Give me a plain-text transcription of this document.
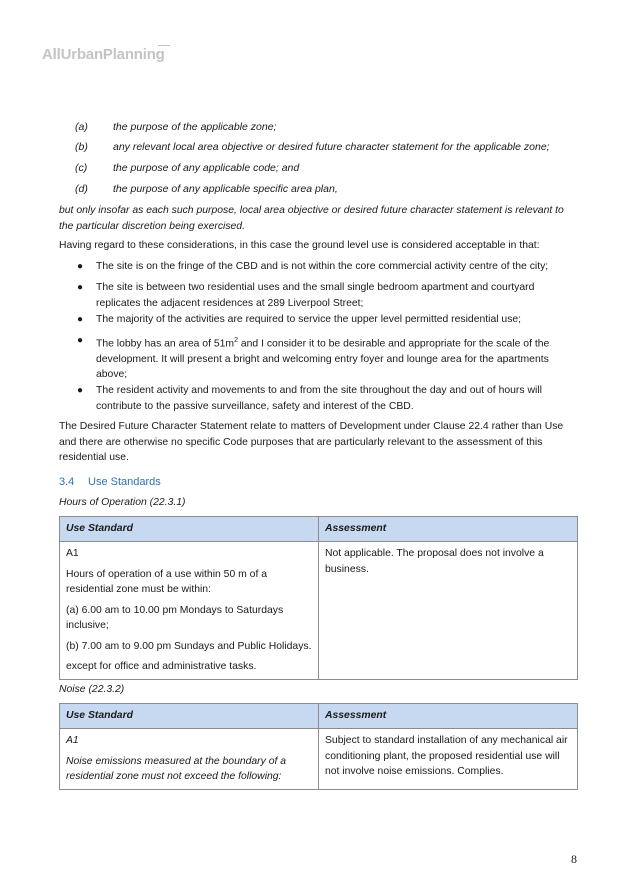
AllUrbanPlanning
(a) the purpose of the applicable zone;
(b) any relevant local area objective or desired future character statement for the applicable zone;
(c) the purpose of any applicable code; and
(d) the purpose of any applicable specific area plan,
but only insofar as each such purpose, local area objective or desired future character statement is relevant to the particular discretion being exercised.
Having regard to these considerations, in this case the ground level use is considered acceptable in that:
● The site is on the fringe of the CBD and is not within the core commercial activity centre of the city;
● The site is between two residential uses and the small single bedroom apartment and courtyard replicates the adjacent residences at 289 Liverpool Street;
● The majority of the activities are required to service the upper level permitted residential use;
● The lobby has an area of $51m^2$ and I consider it to be desirable and appropriate for the scale of the development. It will present a bright and welcoming entry foyer and lounge area for the apartments above;
● The resident activity and movements to and from the site throughout the day and out of hours will contribute to the passive surveillance, safety and interest of the CBD.
The Desired Future Character Statement relate to matters of Development under Clause 22.4 rather than Use and there are otherwise no specific Code purposes that are particularly relevant to the assessment of this residential use.
3.4 Use Standards
Hours of Operation (22.3.1)
Use Standard	Assessment

A1

Hours of operation of a use within 50 m of a residential zone must be within:

(a) 6.00 am to 10.00 pm Mondays to Saturdays inclusive;

(b) 7.00 am to 9.00 pm Sundays and Public Holidays.

except for office and administrative tasks.	Not applicable. The proposal does not involve a business.
Noise (22.3.2)
Use Standard	Assessment

A1

Noise emissions measured at the boundary of a residential zone must not exceed the following:	Subject to standard installation of any mechanical air conditioning plant, the proposed residential use will not involve noise emissions. Complies.
8
